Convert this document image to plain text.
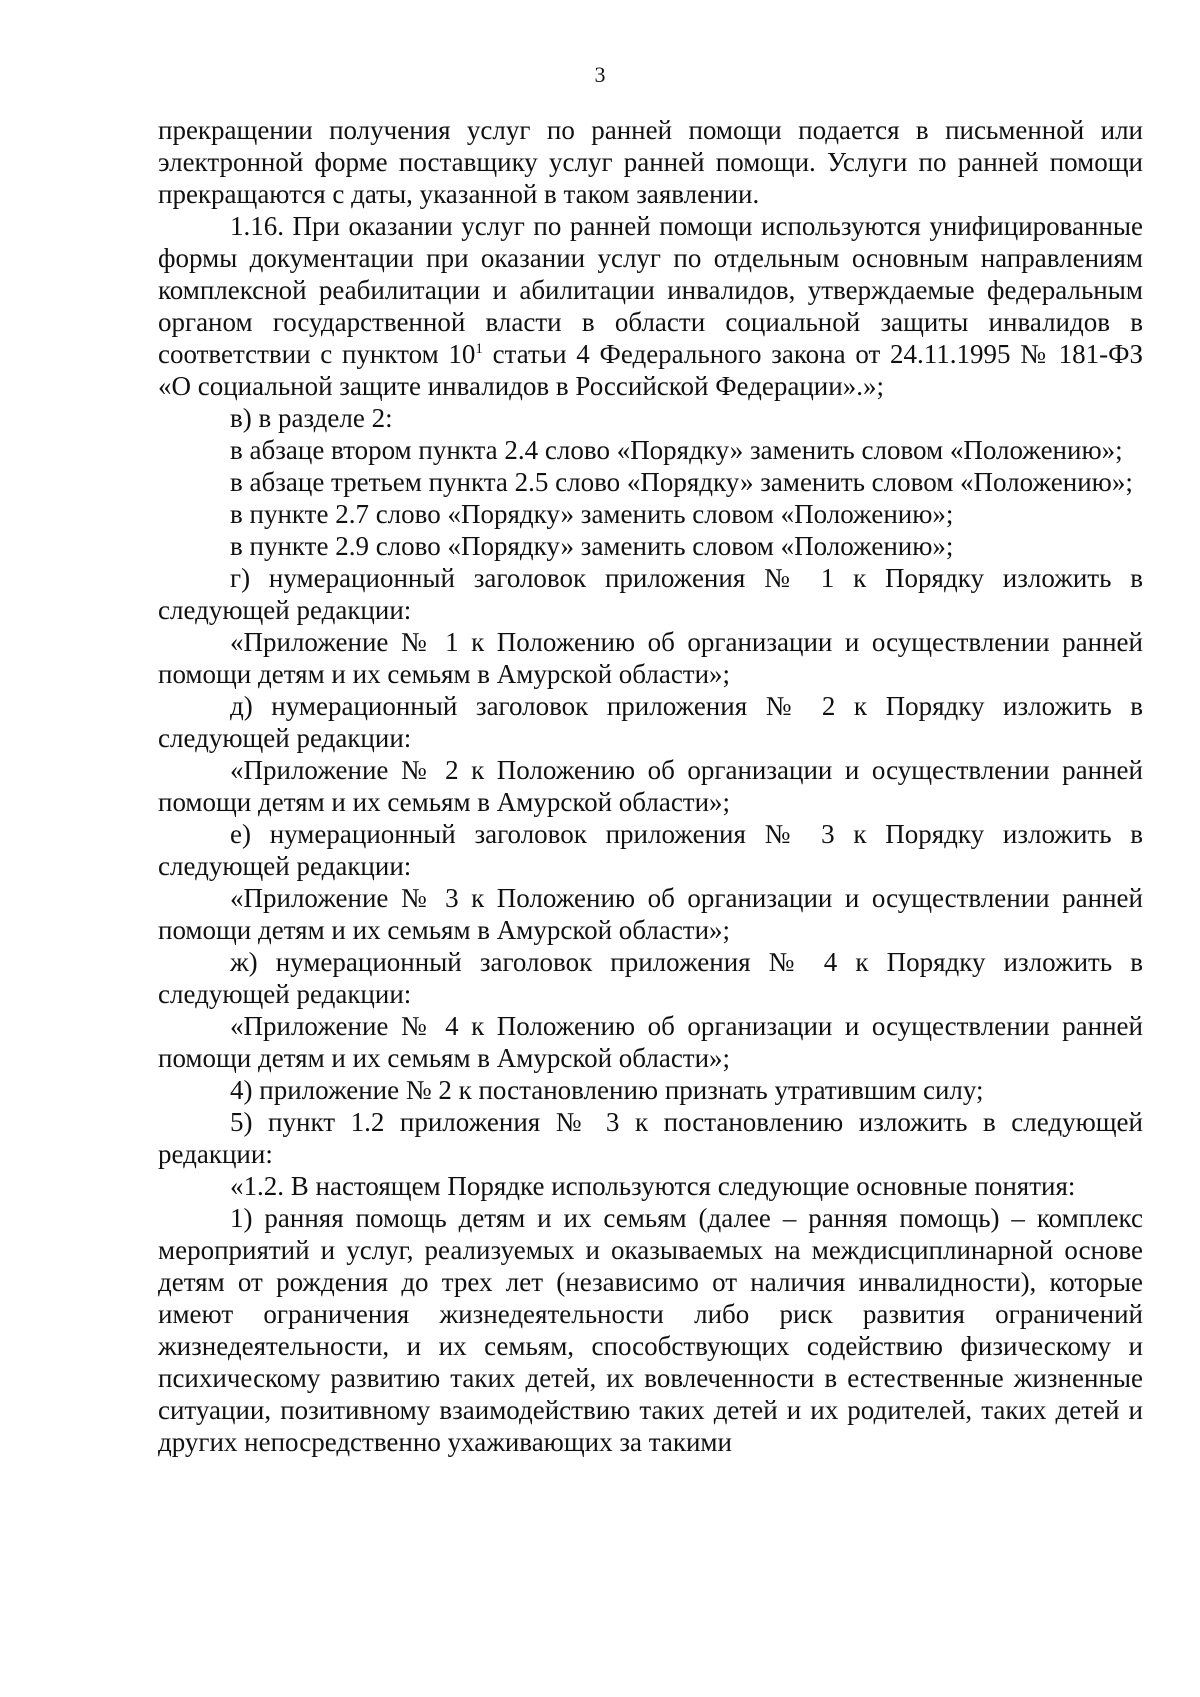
3

прекращении получения услуг по ранней помощи подается в письменной или электронной форме поставщику услуг ранней помощи. Услуги по ранней помощи прекращаются с даты, указанной в таком заявлении.

1.16. При оказании услуг по ранней помощи используются унифицированные формы документации при оказании услуг по отдельным основным направлениям комплексной реабилитации и абилитации инвалидов, утверждаемые федеральным органом государственной власти в области социальной защиты инвалидов в соответствии с пунктом $10^1$ статьи 4 Федерального закона от 24.11.1995 № 181-ФЗ «О социальной защите инвалидов в Российской Федерации».»;

в) в разделе 2:

в абзаце втором пункта 2.4 слово «Порядку» заменить словом «Положению»;

в абзаце третьем пункта 2.5 слово «Порядку» заменить словом «Положению»;

в пункте 2.7 слово «Порядку» заменить словом «Положению»;

в пункте 2.9 слово «Порядку» заменить словом «Положению»;

г) нумерационный заголовок приложения № 1 к Порядку изложить в следующей редакции:

«Приложение № 1 к Положению об организации и осуществлении ранней помощи детям и их семьям в Амурской области»;

д) нумерационный заголовок приложения № 2 к Порядку изложить в следующей редакции:

«Приложение № 2 к Положению об организации и осуществлении ранней помощи детям и их семьям в Амурской области»;

е) нумерационный заголовок приложения № 3 к Порядку изложить в следующей редакции:

«Приложение № 3 к Положению об организации и осуществлении ранней помощи детям и их семьям в Амурской области»;

ж) нумерационный заголовок приложения № 4 к Порядку изложить в следующей редакции:

«Приложение № 4 к Положению об организации и осуществлении ранней помощи детям и их семьям в Амурской области»;

4) приложение № 2 к постановлению признать утратившим силу;

5) пункт 1.2 приложения № 3 к постановлению изложить в следующей редакции:

«1.2. В настоящем Порядке используются следующие основные понятия:

1) ранняя помощь детям и их семьям (далее – ранняя помощь) – комплекс мероприятий и услуг, реализуемых и оказываемых на междисциплинарной основе детям от рождения до трех лет (независимо от наличия инвалидности), которые имеют ограничения жизнедеятельности либо риск развития ограничений жизнедеятельности, и их семьям, способствующих содействию физическому и психическому развитию таких детей, их вовлеченности в естественные жизненные ситуации, позитивному взаимодействию таких детей и их родителей, таких детей и других непосредственно ухаживающих за такими
